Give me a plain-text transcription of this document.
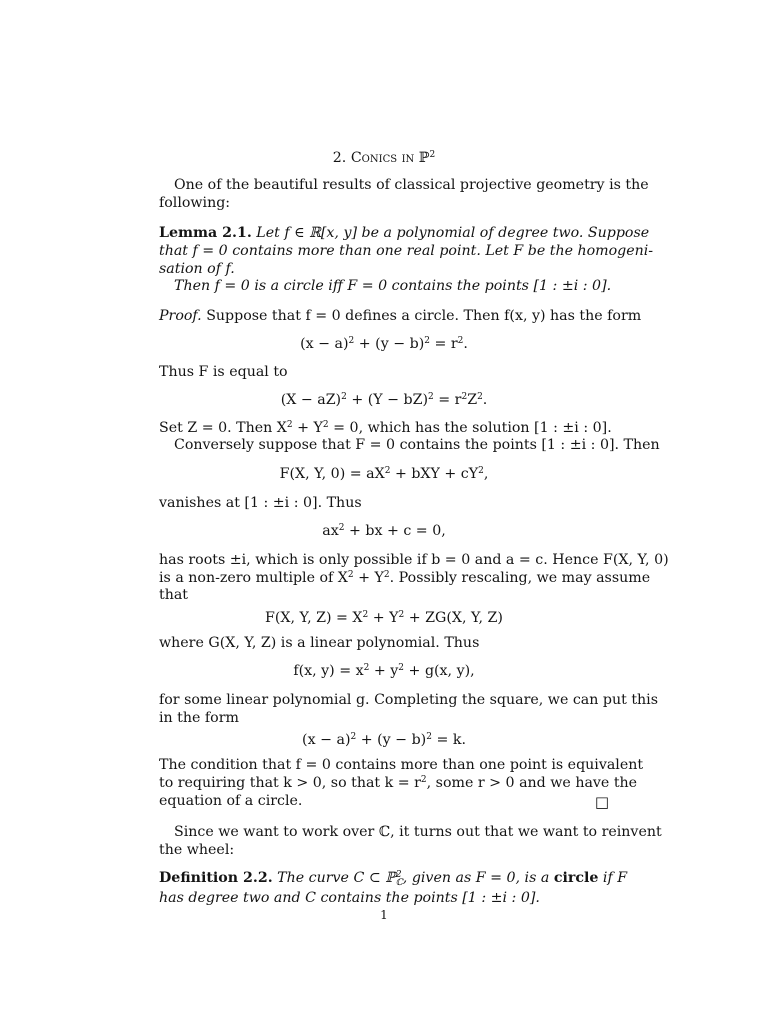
2. Conics in ℙ$^2$
One of the beautiful results of classical projective geometry is the
following:
Lemma 2.1. Let f ∈ ℝ[x, y] be a polynomial of degree two. Suppose
that f = 0 contains more than one real point. Let F be the homogeni-
sation of f.
Then f = 0 is a circle iff F = 0 contains the points [1 : ±i : 0].
Proof. Suppose that f = 0 defines a circle. Then f(x, y) has the form
$(x - a)^2 + (y - b)^2 = r^2$.
Thus F is equal to
$(X - aZ)^2 + (Y - bZ)^2 = r^2Z^2$.
Set Z = 0. Then $X^2 + Y^2 = 0$, which has the solution [1 : ±i : 0].
Conversely suppose that F = 0 contains the points [1 : ±i : 0]. Then
F(X, Y, $0) = aX^2$ + bXY + $cY^2$,
vanishes at [1 : ±i : 0]. Thus
$ax^2$ + bx + c = 0,
has roots ±i, which is only possible if b = 0 and a = c. Hence F(X, Y, 0)
is a non-zero multiple of $X^2 + Y^2$. Possibly rescaling, we may assume
that
F(X, Y, $Z) = X^2 + Y^2 + ZG(X$, Y, Z)
where G(X, Y, Z) is a linear polynomial. Thus
f(x, $y) = x^2 + y^2 + g(x$, y),
for some linear polynomial g. Completing the square, we can put this
in the form
$(x - a)^2 + (y - b)^2 = k$.
The condition that f = 0 contains more than one point is equivalent
to requiring that k > 0, so that $k = r^2$, some r > 0 and we have the
equation of a circle.	□
Since we want to work over ℂ, it turns out that we want to reinvent
the wheel:
Definition 2.2. The curve C ⊂ ℙ$^2_ℂ$, given as F = 0, is a circle if F
has degree two and C contains the points [1 : ±i : 0].
1
